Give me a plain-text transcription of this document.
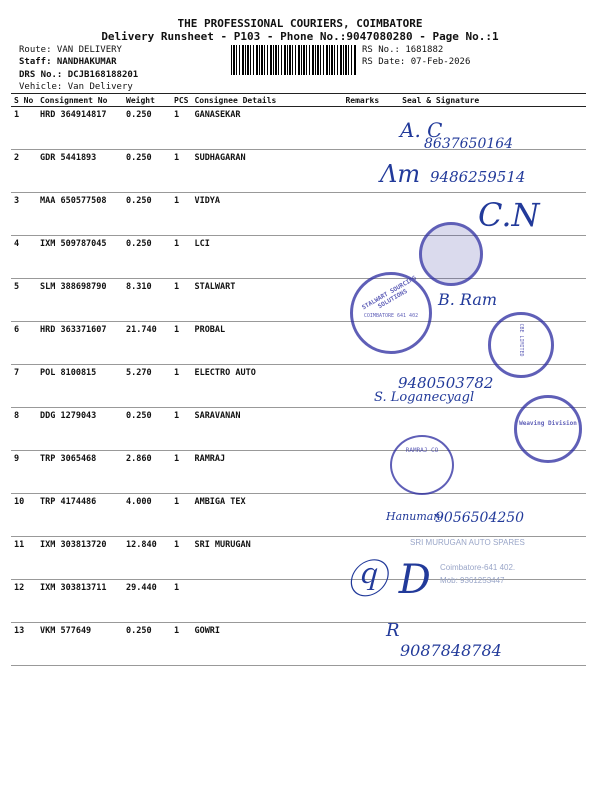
THE PROFESSIONAL COURIERS, COIMBATORE
Delivery Runsheet - P103 - Phone No.:9047080280 - Page No.:1
Route: VAN DELIVERY
Staff: NANDHAKUMAR
DRS No.: DCJB168188201
Vehicle: Van Delivery
RS No.: 1681882
RS Date: 07-Feb-2026
S No	Consignment No	Weight	PCS	Consignee Details	Remarks	Seal & Signature
1	HRD 364914817	0.250	1	GANASEKAR		
2	GDR 5441893	0.250	1	SUDHAGARAN		
3	MAA 650577508	0.250	1	VIDYA		
4	IXM 509787045	0.250	1	LCI		
5	SLM 388698790	8.310	1	STALWART		
6	HRD 363371607	21.740	1	PROBAL		
7	POL 8100815	5.270	1	ELECTRO AUTO		
8	DDG 1279043	0.250	1	SARAVANAN		
9	TRP 3065468	2.860	1	RAMRAJ		
10	TRP 4174486	4.000	1	AMBIGA TEX		
11	IXM 303813720	12.840	1	SRI MURUGAN		
12	IXM 303813711	29.440	1			
13	VKM 577649	0.250	1	GOWRI		
STALWART SOURCING SOLUTIONS
COIMBATORE 641 402
CBE LIMITED
Weaving Division
RAMRAJ CO
SRI MURUGAN AUTO SPARES
Coimbatore-641 402.
Mob: 9361253447
A. C
8637650164
Λm 9486259514
C.N
B. Ram
9480503782
S. Loganecyagl
Hanuman
9056504250
ⓠ D
R
9087848784
